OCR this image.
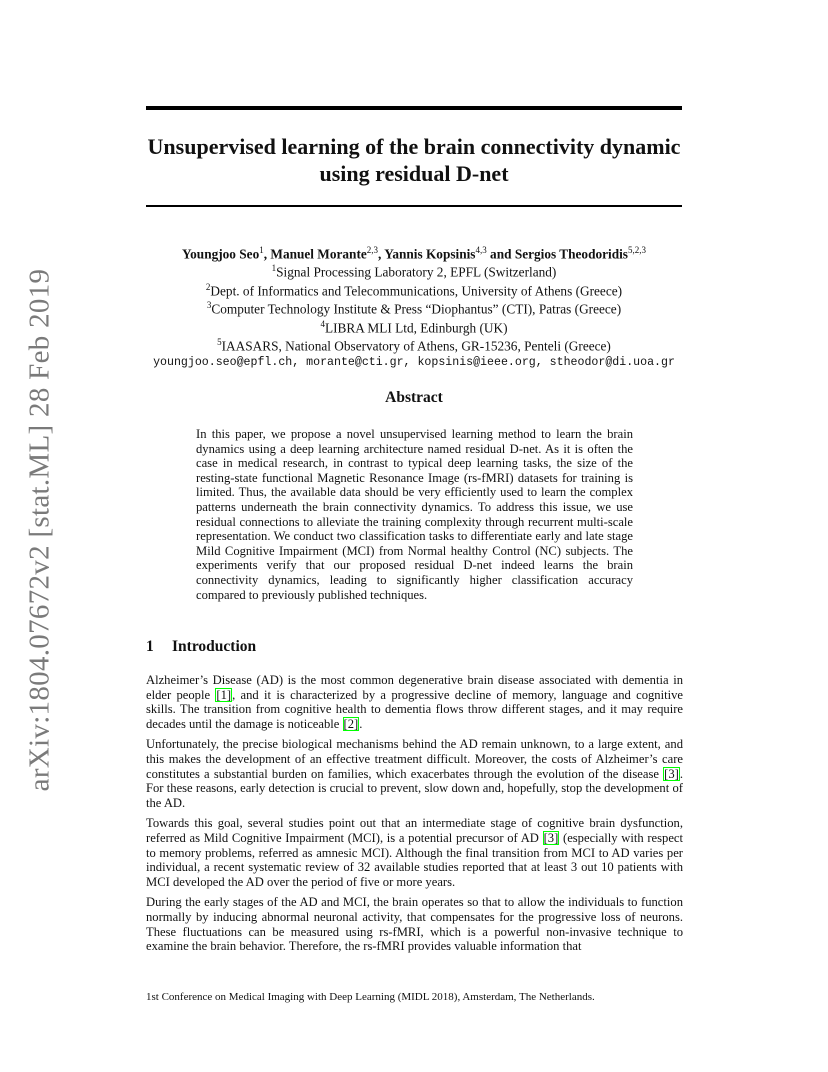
arXiv:1804.07672v2 [stat.ML] 28 Feb 2019
Unsupervised learning of the brain connectivity dynamic using residual D-net
Youngjoo Seo$^1$, Manuel Morante$^{2,3}$, Yannis Kopsinis$^{4,3}$ and Sergios Theodoridis$^{5,2,3}$
$^1$Signal Processing Laboratory 2, EPFL (Switzerland)
$^2$Dept. of Informatics and Telecommunications, University of Athens (Greece)
$^3$Computer Technology Institute & Press “Diophantus” (CTI), Patras (Greece)
$^4$LIBRA MLI Ltd, Edinburgh (UK)
$^5$IAASARS, National Observatory of Athens, GR-15236, Penteli (Greece)
youngjoo.seo@epfl.ch, morante@cti.gr, kopsinis@ieee.org, stheodor@di.uoa.gr
Abstract
In this paper, we propose a novel unsupervised learning method to learn the brain dynamics using a deep learning architecture named residual D-net. As it is often the case in medical research, in contrast to typical deep learning tasks, the size of the resting-state functional Magnetic Resonance Image (rs-fMRI) datasets for training is limited. Thus, the available data should be very efficiently used to learn the complex patterns underneath the brain connectivity dynamics. To address this issue, we use residual connections to alleviate the training complexity through recurrent multi-scale representation. We conduct two classification tasks to differentiate early and late stage Mild Cognitive Impairment (MCI) from Normal healthy Control (NC) subjects. The experiments verify that our proposed residual D-net indeed learns the brain connectivity dynamics, leading to significantly higher classification accuracy compared to previously published techniques.
1 Introduction

Alzheimer’s Disease (AD) is the most common degenerative brain disease associated with dementia in elder people [1], and it is characterized by a progressive decline of memory, language and cognitive skills. The transition from cognitive health to dementia flows throw different stages, and it may require decades until the damage is noticeable [2].

Unfortunately, the precise biological mechanisms behind the AD remain unknown, to a large extent, and this makes the development of an effective treatment difficult. Moreover, the costs of Alzheimer’s care constitutes a substantial burden on families, which exacerbates through the evolution of the disease [3]. For these reasons, early detection is crucial to prevent, slow down and, hopefully, stop the development of the AD.

Towards this goal, several studies point out that an intermediate stage of cognitive brain dysfunction, referred as Mild Cognitive Impairment (MCI), is a potential precursor of AD [3] (especially with respect to memory problems, referred as amnesic MCI). Although the final transition from MCI to AD varies per individual, a recent systematic review of 32 available studies reported that at least 3 out 10 patients with MCI developed the AD over the period of five or more years.

During the early stages of the AD and MCI, the brain operates so that to allow the individuals to function normally by inducing abnormal neuronal activity, that compensates for the progressive loss of neurons. These fluctuations can be measured using rs-fMRI, which is a powerful non-invasive technique to examine the brain behavior. Therefore, the rs-fMRI provides valuable information that

1st Conference on Medical Imaging with Deep Learning (MIDL 2018), Amsterdam, The Netherlands.
